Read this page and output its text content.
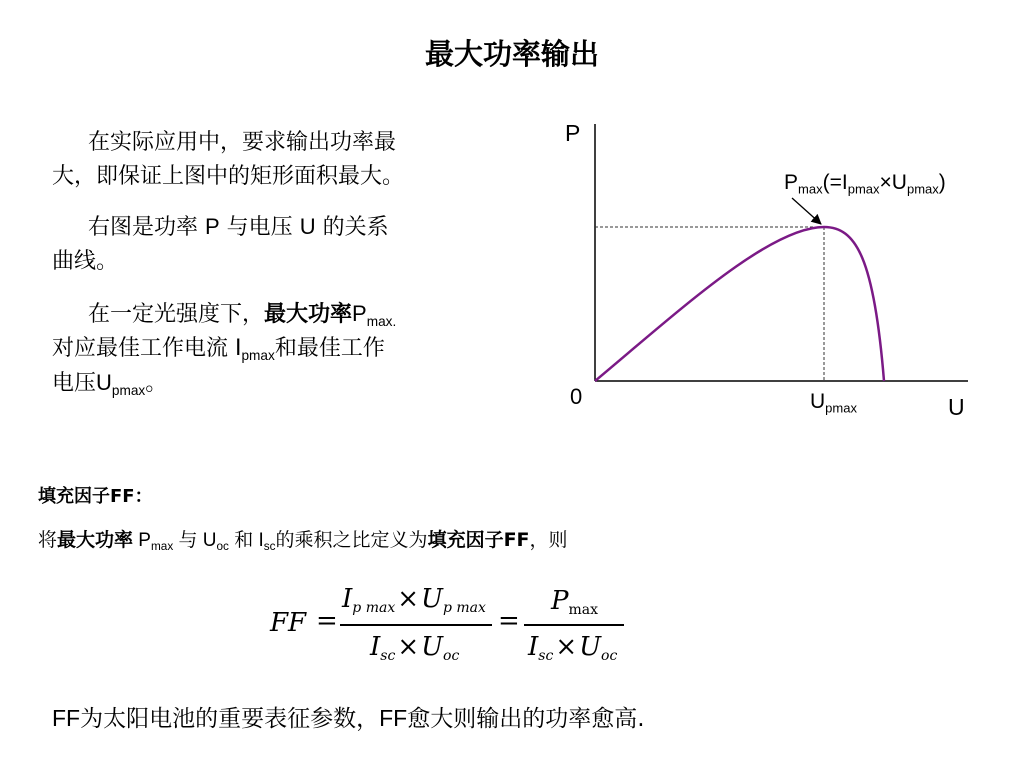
最大功率输出
在实际应用中，要求输出功率最
大，即保证上图中的矩形面积最大。
右图是功率 P 与电压 U 的关系
曲线。
在一定光强度下，最大功率$P_{max.}$
对应最佳工作电流 $I_{pmax}$和最佳工作
电压$U_{pmax}$。
P
0	U
$U_{pmax}$
$P_{max}(=I_{pmax}\times U_{pmax})$
填充因子FF：
将最大功率 $P_{max}$ 与 $U_{oc}$ 和 $I_{sc}$的乘积之比定义为填充因子FF，则
FF =
$I_{p max}\times U_{p max}$
$I_{sc}\times U_{oc}$
=
$P_{max}$
$I_{sc}\times U_{oc}$
FF为太阳电池的重要表征参数，FF愈大则输出的功率愈高.
